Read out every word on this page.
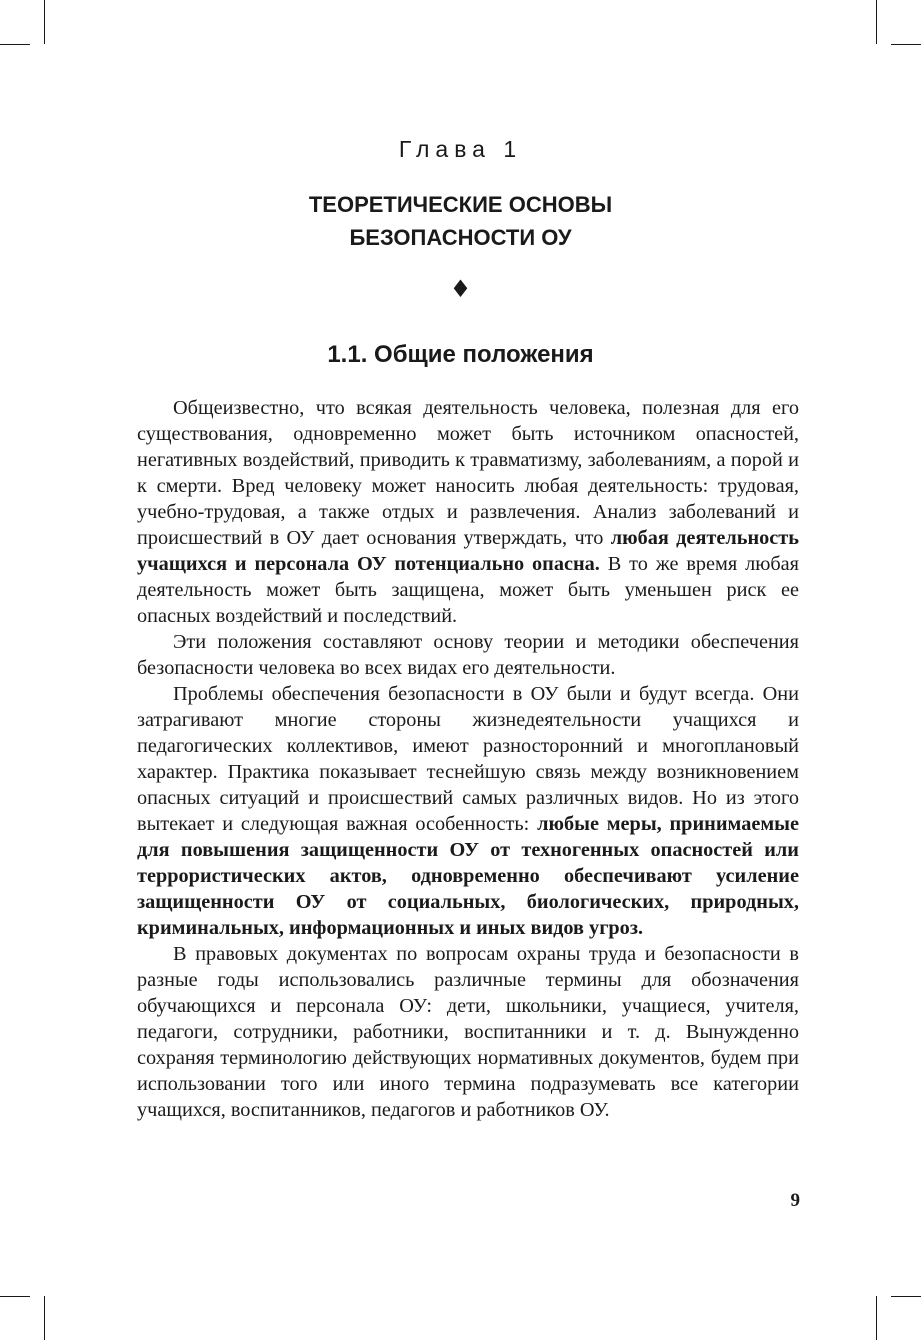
Глава 1
ТЕОРЕТИЧЕСКИЕ ОСНОВЫ
БЕЗОПАСНОСТИ ОУ
♦
1.1. Общие положения

Общеизвестно, что всякая деятельность человека, полезная для его существования, одновременно может быть источником опасностей, негативных воздействий, приводить к травматизму, заболеваниям, а порой и к смерти. Вред человеку может наносить любая деятельность: трудовая, учебно-трудовая, а также отдых и развлечения. Анализ заболеваний и происшествий в ОУ дает основания утверждать, что любая деятельность учащихся и персонала ОУ потенциально опасна. В то же время любая деятельность может быть защищена, может быть уменьшен риск ее опасных воздействий и последствий.

Эти положения составляют основу теории и методики обеспечения безопасности человека во всех видах его деятельности.

Проблемы обеспечения безопасности в ОУ были и будут всегда. Они затрагивают многие стороны жизнедеятельности учащихся и педагогических коллективов, имеют разносторонний и многоплановый характер. Практика показывает теснейшую связь между возникновением опасных ситуаций и происшествий самых различных видов. Но из этого вытекает и следующая важная особенность: любые меры, принимаемые для повышения защищенности ОУ от техногенных опасностей или террористических актов, одновременно обеспечивают усиление защищенности ОУ от социальных, биологических, природных, криминальных, информационных и иных видов угроз.

В правовых документах по вопросам охраны труда и безопасности в разные годы использовались различные термины для обозначения обучающихся и персонала ОУ: дети, школьники, учащиеся, учителя, педагоги, сотрудники, работники, воспитанники и т. д. Вынужденно сохраняя терминологию действующих нормативных документов, будем при использовании того или иного термина подразумевать все категории учащихся, воспитанников, педагогов и работников ОУ.

9
